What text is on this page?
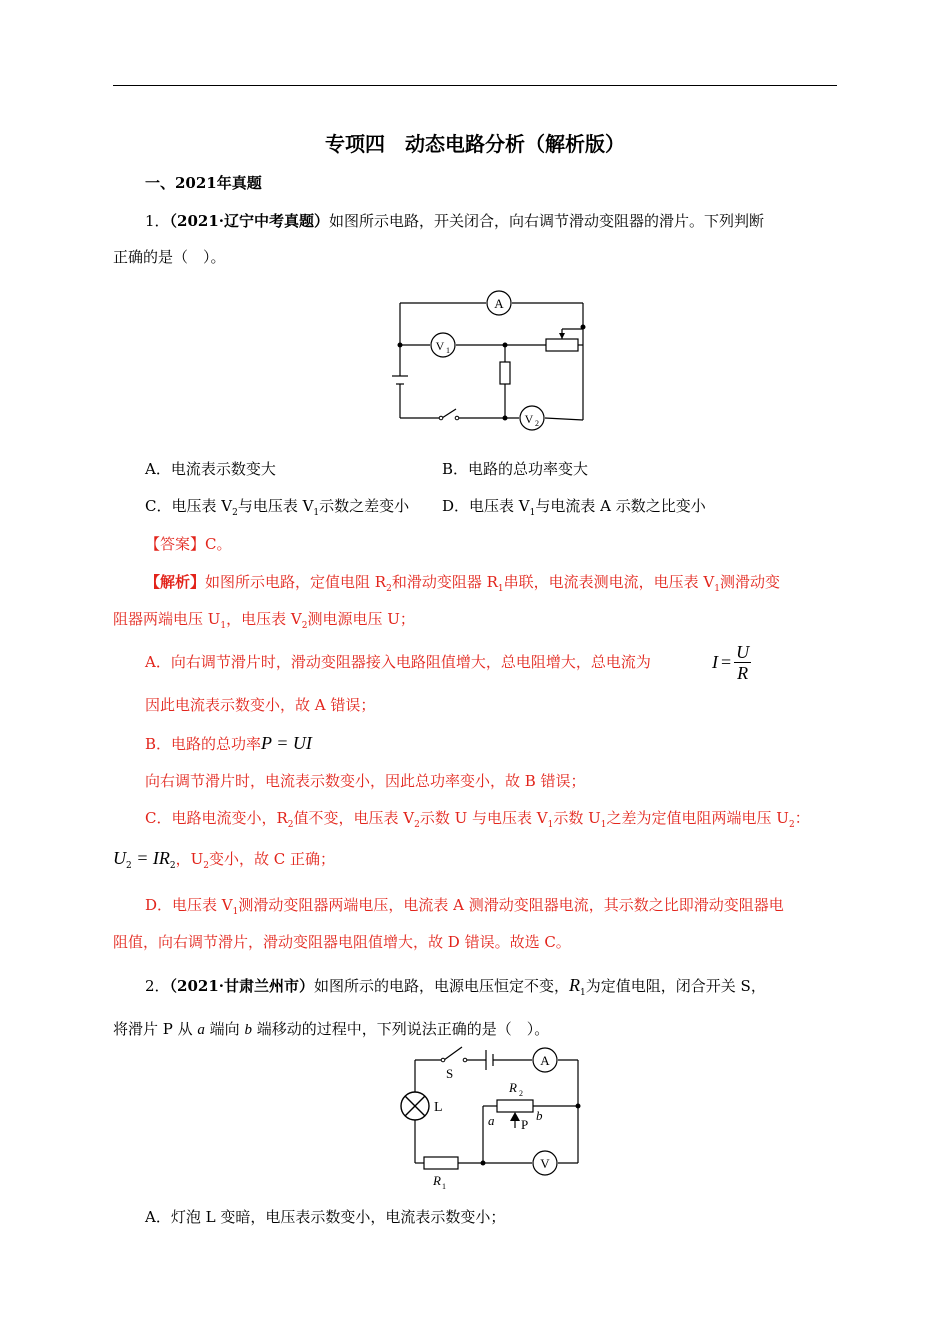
专项四　动态电路分析（解析版）
一、2021年真题
1．（2021·辽宁中考真题）如图所示电路，开关闭合，向右调节滑动变阻器的滑片。下列判断
正确的是（　）。
A
V 1
V 2
A．电流表示数变大	B．电路的总功率变大
C．电压表 $V_2$与电压表 $V_1$示数之差变小	D．电压表 $V_1$与电流表 A 示数之比变小
【答案】C。
【解析】如图所示电路，定值电阻 $R_2$和滑动变阻器 $R_1$串联，电流表测电流，电压表 $V_1$测滑动变
阻器两端电压 $U_1$，电压表 $V_2$测电源电压 U；
A．向右调节滑片时，滑动变阻器接入电路阻值增大，总电阻增大，总电流为	$I = \frac{U}{R}$
因此电流表示数变小，故 A 错误；
B．电路的总功率P = UI
向右调节滑片时，电流表示数变小，因此总功率变小，故 B 错误；
C．电路电流变小，$R_2$值不变，电压表 $V_2$示数 U 与电压表 $V_1$示数 $U_1$之差为定值电阻两端电压 $U_2$：
$U_2 = IR_2$，$U_2$变小，故 C 正确；
D．电压表 $V_1$测滑动变阻器两端电压，电流表 A 测滑动变阻器电流，其示数之比即滑动变阻器电
阻值，向右调节滑片，滑动变阻器电阻值增大，故 D 错误。故选 C。
2．（2021·甘肃兰州市）如图所示的电路，电源电压恒定不变，$R_1$为定值电阻，闭合开关 S，
将滑片 P 从 a 端向 b 端移动的过程中，下列说法正确的是（　）。
A
V
S
L
R 2
a	b
P
R 1
A．灯泡 L 变暗，电压表示数变小，电流表示数变小；
